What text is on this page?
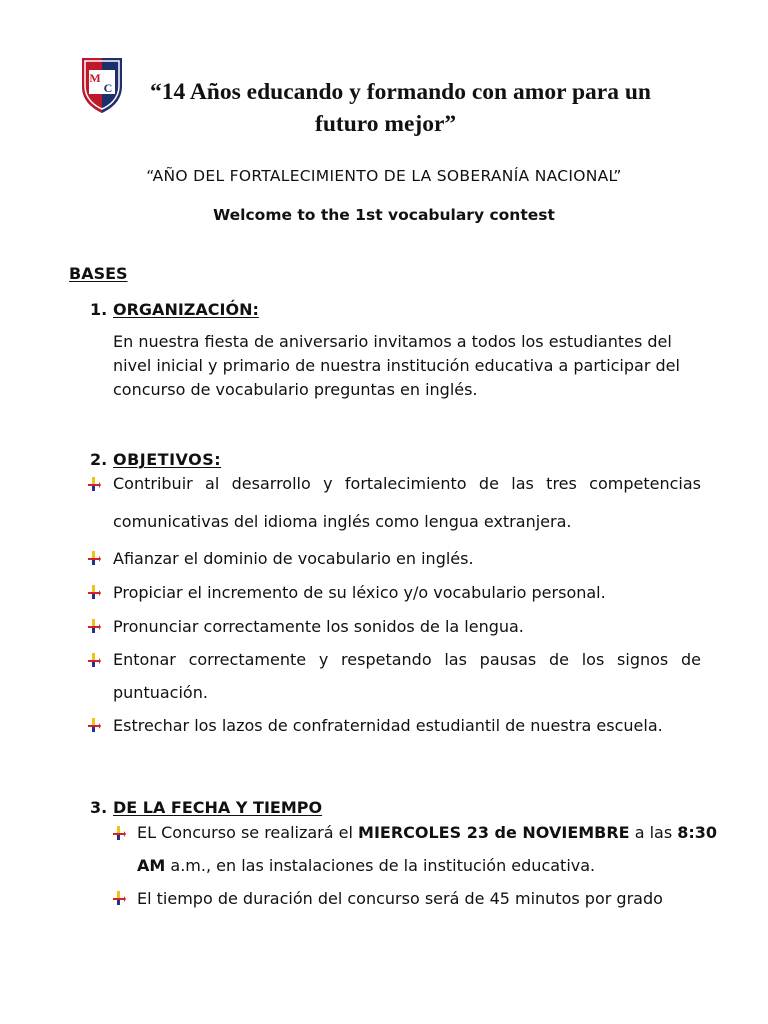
M
C “14 Años educando y formando con amor para un
futuro mejor”
“AÑO DEL FORTALECIMIENTO DE LA SOBERANÍA NACIONAL”
Welcome to the 1st vocabulary contest
BASES
1. ORGANIZACIÓN:
En nuestra fiesta de aniversario invitamos a todos los estudiantes del
nivel inicial y primario de nuestra institución educativa a participar del
concurso de vocabulario preguntas en inglés.
2. OBJETIVOS:
Contribuir al desarrollo y fortalecimiento de las tres competencias
comunicativas del idioma inglés como lengua extranjera.
Afianzar el dominio de vocabulario en inglés.
Propiciar el incremento de su léxico y/o vocabulario personal.
Pronunciar correctamente los sonidos de la lengua.
Entonar correctamente y respetando las pausas de los signos de
puntuación.
Estrechar los lazos de confraternidad estudiantil de nuestra escuela.
3. DE LA FECHA Y TIEMPO
EL Concurso se realizará el MIERCOLES 23 de NOVIEMBRE a las 8:30
AM a.m., en las instalaciones de la institución educativa.
El tiempo de duración del concurso será de 45 minutos por grado
